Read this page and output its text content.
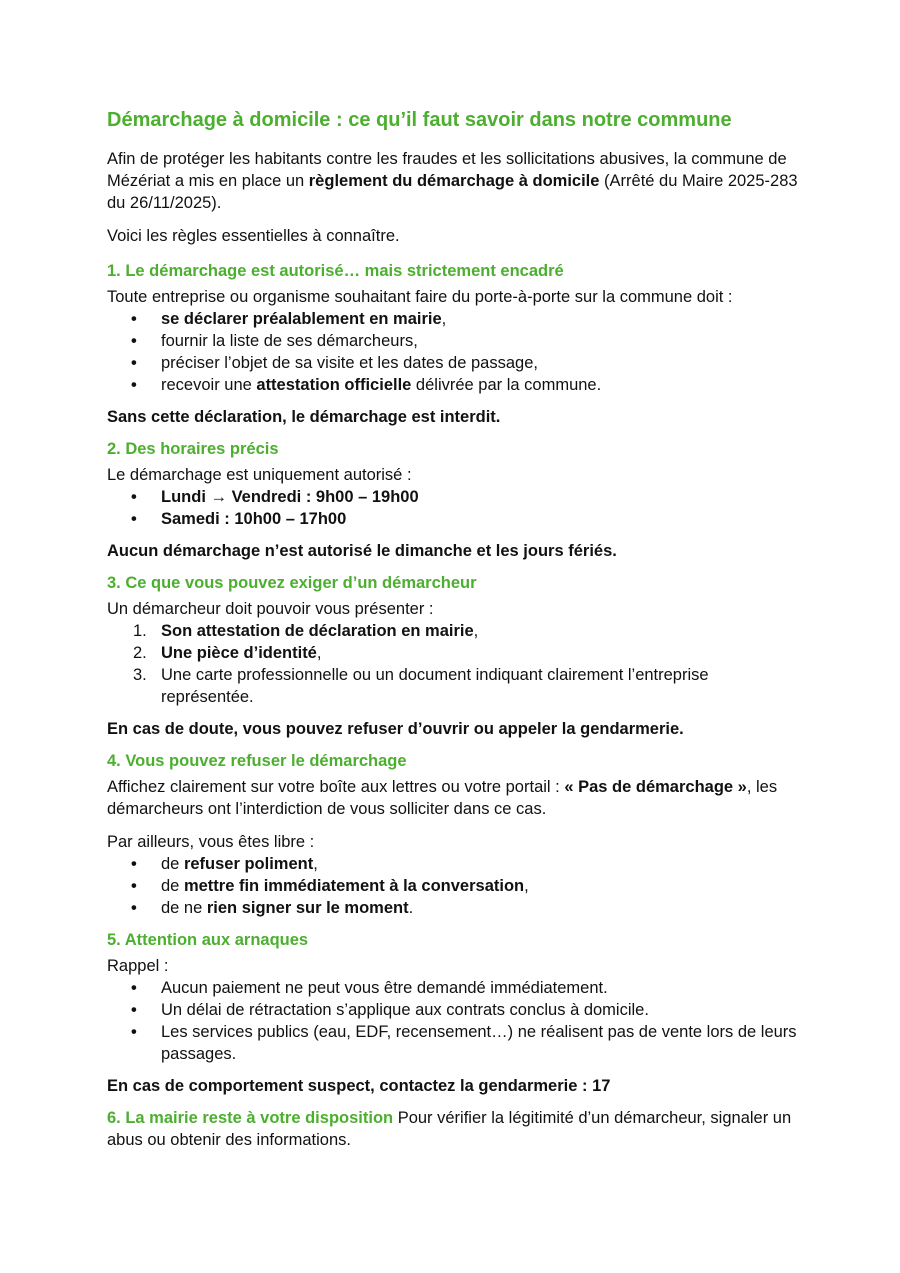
Démarchage à domicile : ce qu’il faut savoir dans notre commune

Afin de protéger les habitants contre les fraudes et les sollicitations abusives, la commune de Mézériat a mis en place un règlement du démarchage à domicile (Arrêté du Maire 2025-283 du 26/11/2025).

Voici les règles essentielles à connaître.

1. Le démarchage est autorisé… mais strictement encadré

Toute entreprise ou organisme souhaitant faire du porte-à-porte sur la commune doit :

• se déclarer préalablement en mairie,
• fournir la liste de ses démarcheurs,
• préciser l’objet de sa visite et les dates de passage,
• recevoir une attestation officielle délivrée par la commune.

Sans cette déclaration, le démarchage est interdit.

2. Des horaires précis

Le démarchage est uniquement autorisé :

• Lundi → Vendredi : 9h00 – 19h00
• Samedi : 10h00 – 17h00

Aucun démarchage n’est autorisé le dimanche et les jours fériés.

3. Ce que vous pouvez exiger d’un démarcheur

Un démarcheur doit pouvoir vous présenter :

1. Son attestation de déclaration en mairie,
2. Une pièce d’identité,
3. Une carte professionnelle ou un document indiquant clairement l’entreprise représentée.

En cas de doute, vous pouvez refuser d’ouvrir ou appeler la gendarmerie.

4. Vous pouvez refuser le démarchage

Affichez clairement sur votre boîte aux lettres ou votre portail : « Pas de démarchage », les démarcheurs ont l’interdiction de vous solliciter dans ce cas.

Par ailleurs, vous êtes libre :

• de refuser poliment,
• de mettre fin immédiatement à la conversation,
• de ne rien signer sur le moment.
5. Attention aux arnaques

Rappel :

• Aucun paiement ne peut vous être demandé immédiatement.
• Un délai de rétractation s’applique aux contrats conclus à domicile.
• Les services publics (eau, EDF, recensement…) ne réalisent pas de vente lors de leurs passages.

En cas de comportement suspect, contactez la gendarmerie : 17

6. La mairie reste à votre disposition Pour vérifier la légitimité d’un démarcheur, signaler un abus ou obtenir des informations.
